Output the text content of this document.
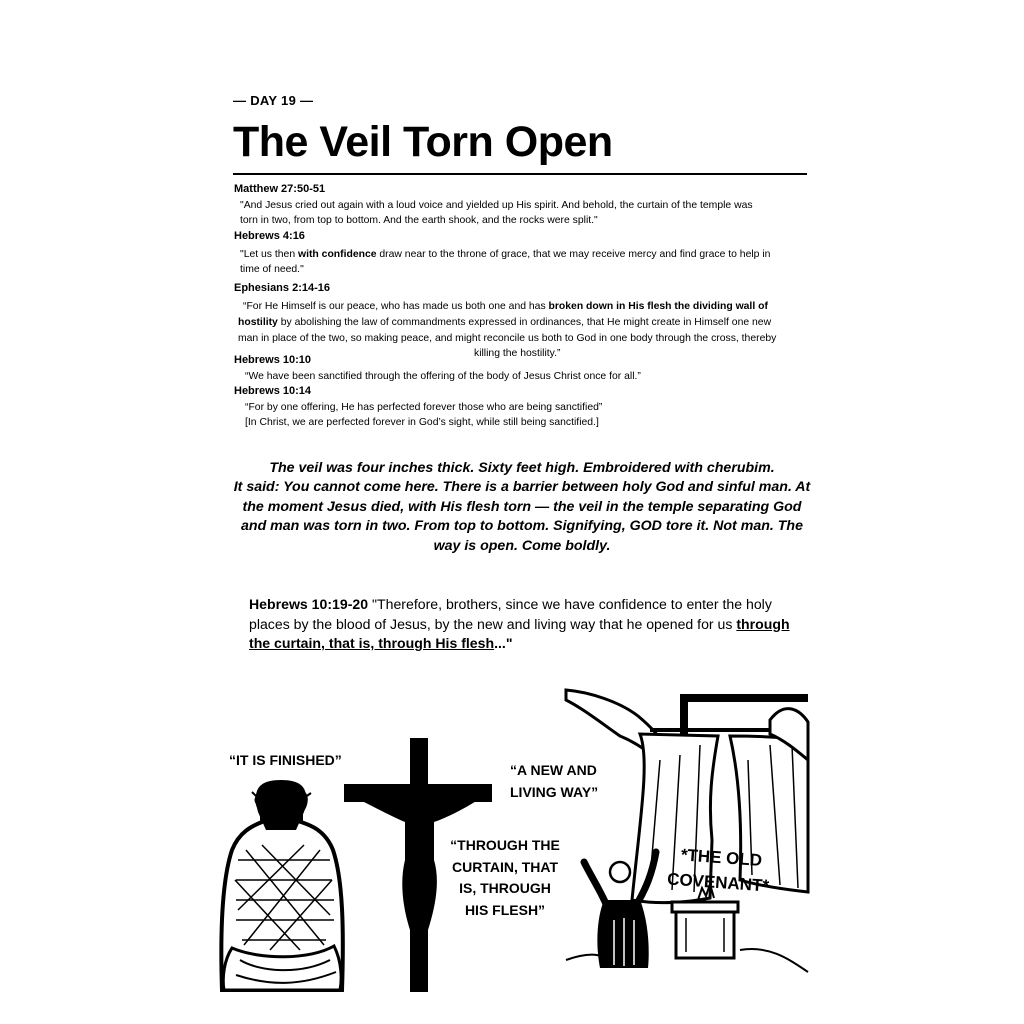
— DAY 19 —
The Veil Torn Open
Matthew 27:50-51
"And Jesus cried out again with a loud voice and yielded up His spirit. And behold, the curtain of the temple was
torn in two, from top to bottom. And the earth shook, and the rocks were split."
Hebrews 4:16
"Let us then with confidence draw near to the throne of grace, that we may receive mercy and find grace to help in
time of need."
Ephesians 2:14-16
“For He Himself is our peace, who has made us both one and has broken down in His flesh the dividing wall of
hostility by abolishing the law of commandments expressed in ordinances, that He might create in Himself one new
man in place of the two, so making peace, and might reconcile us both to God in one body through the cross, thereby
killing the hostility.”
Hebrews 10:10
“We have been sanctified through the offering of the body of Jesus Christ once for all.”
Hebrews 10:14
“For by one offering, He has perfected forever those who are being sanctified”
[In Christ, we are perfected forever in God’s sight, while still being sanctified.]
The veil was four inches thick. Sixty feet high. Embroidered with cherubim.
It said: You cannot come here. There is a barrier between holy God and sinful man. At
the moment Jesus died, with His flesh torn — the veil in the temple separating God
and man was torn in two. From top to bottom. Signifying, GOD tore it. Not man. The
way is open. Come boldly.
Hebrews 10:19-20 "Therefore, brothers, since we have confidence to enter the holy
places by the blood of Jesus, by the new and living way that he opened for us through
the curtain, that is, through His flesh..."
“IT IS FINISHED”
“A NEW AND
LIVING WAY”
“THROUGH THE
CURTAIN, THAT
IS, THROUGH
HIS FLESH”
*THE OLD
COVENANT*
